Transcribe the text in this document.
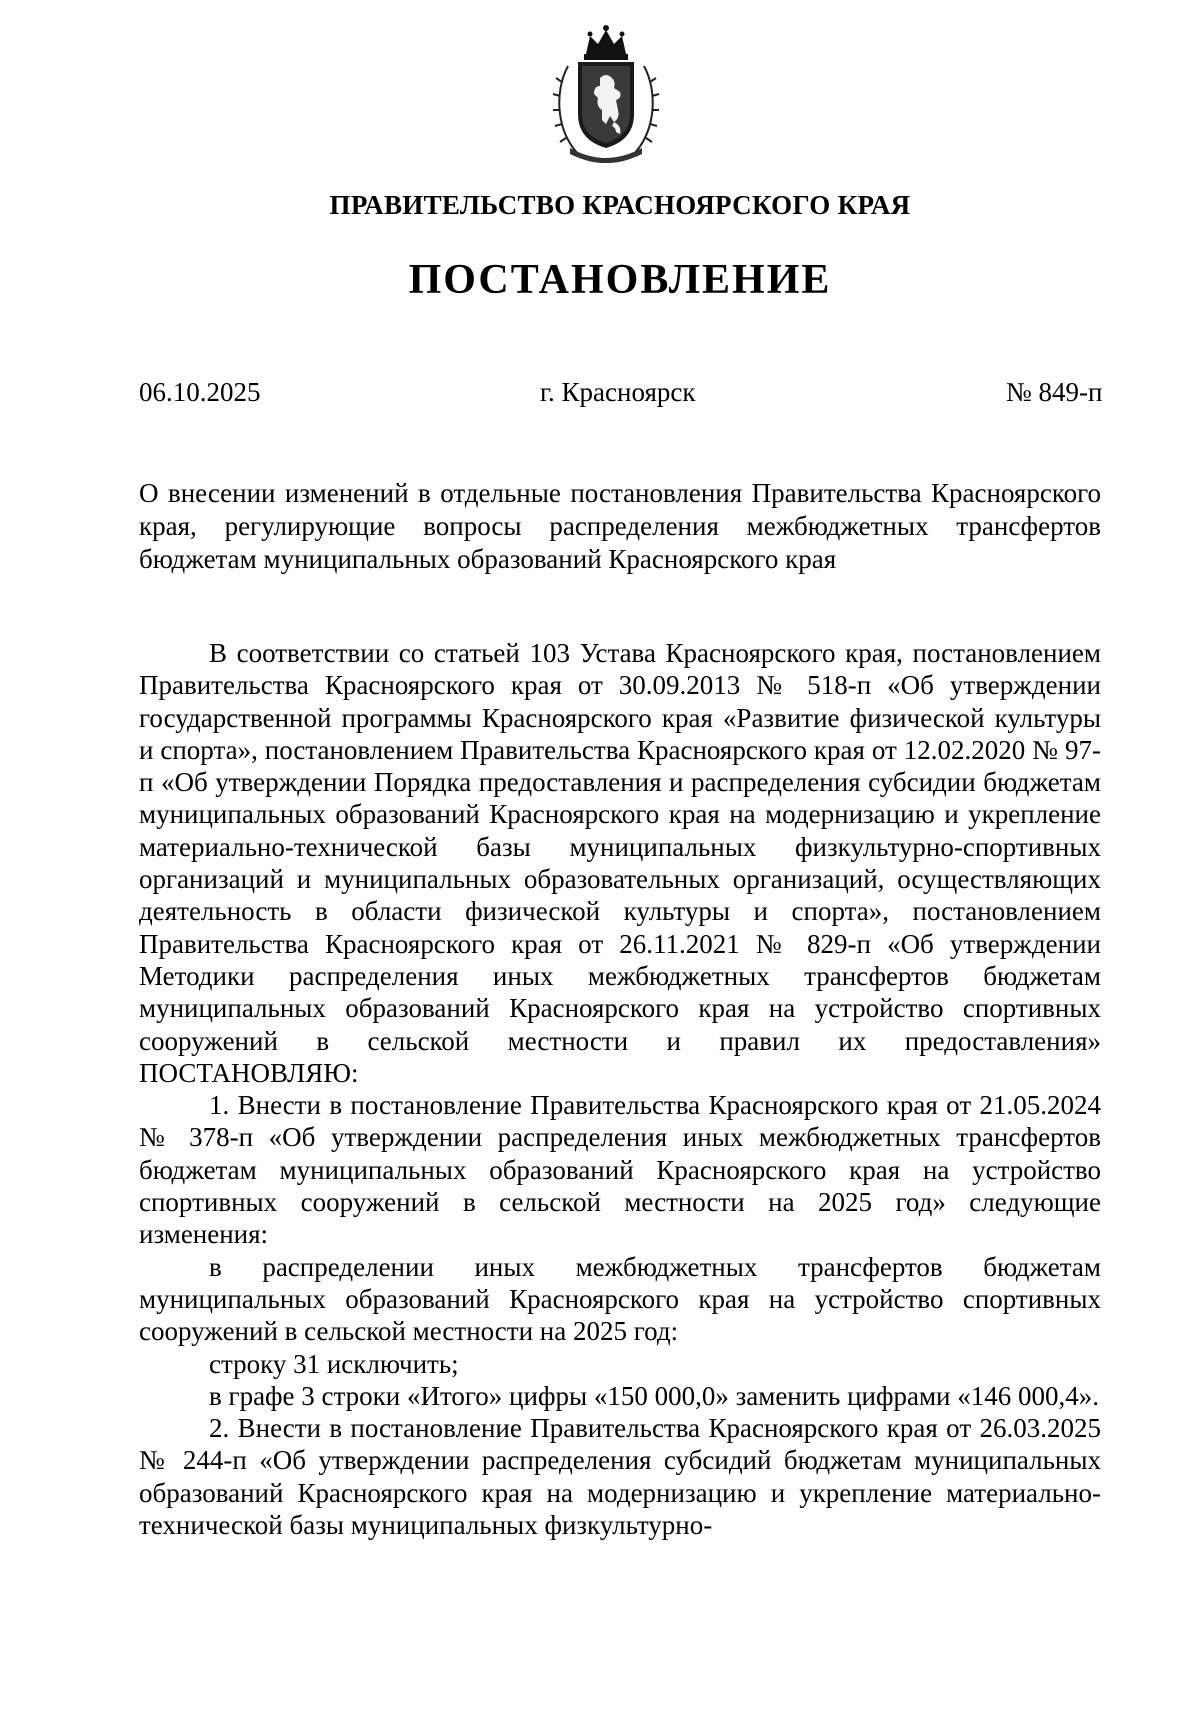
ПРАВИТЕЛЬСТВО КРАСНОЯРСКОГО КРАЯ
ПОСТАНОВЛЕНИЕ
06.10.2025	г. Красноярск	№ 849-п
О внесении изменений в отдельные постановления Правительства Красноярского края, регулирующие вопросы распределения межбюджетных трансфертов бюджетам муниципальных образований Красноярского края

В соответствии со статьей 103 Устава Красноярского края, постановлением Правительства Красноярского края от 30.09.2013 № 518-п «Об утверждении государственной программы Красноярского края «Развитие физической культуры и спорта», постановлением Правительства Красноярского края от 12.02.2020 № 97-п «Об утверждении Порядка предоставления и распределения субсидии бюджетам муниципальных образований Красноярского края на модернизацию и укрепление материально-технической базы муниципальных физкультурно-спортивных организаций и муниципальных образовательных организаций, осуществляющих деятельность в области физической культуры и спорта», постановлением Правительства Красноярского края от 26.11.2021 № 829-п «Об утверждении Методики распределения иных межбюджетных трансфертов бюджетам муниципальных образований Красноярского края на устройство спортивных сооружений в сельской местности и правил их предоставления» ПОСТАНОВЛЯЮ:

1. Внести в постановление Правительства Красноярского края от 21.05.2024 № 378-п «Об утверждении распределения иных межбюджетных трансфертов бюджетам муниципальных образований Красноярского края на устройство спортивных сооружений в сельской местности на 2025 год» следующие изменения:

в распределении иных межбюджетных трансфертов бюджетам муниципальных образований Красноярского края на устройство спортивных сооружений в сельской местности на 2025 год:

строку 31 исключить;

в графе 3 строки «Итого» цифры «150 000,0» заменить цифрами «146 000,4».

2. Внести в постановление Правительства Красноярского края от 26.03.2025 № 244-п «Об утверждении распределения субсидий бюджетам муниципальных образований Красноярского края на модернизацию и укрепление материально-технической базы муниципальных физкультурно-
